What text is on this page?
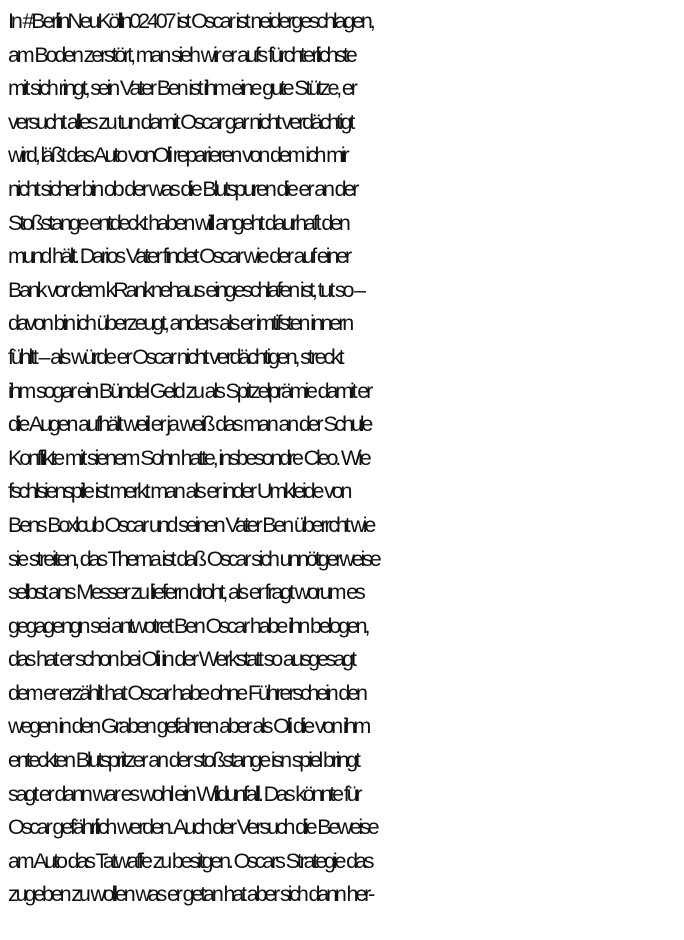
In #BerlinNeuKölln02407 ist Oscar ist neidergeschlagen,
am Boden zerstört, man sieh wir er aufs fürchterlichste
mit sich ringt, sein Vater Ben ist ihm eine gute Stütze, er
versucht alles zu tun damit Oscar gar nicht verdächtigt
wird, läßt das Auto vonOli reparieren von dem ich mir
nicht sicher bin ob der was die Blutspuren die er an der
Stoßstange entdeckt haben will angeht daurhaft den
mund hält. Darios Vater findet Oscar wie der auf einer
Bank vor dem kRanknehaus eingeschlafen ist, tut so –
davon bin ich überzeugt, anders als er imtifsten innern
fühltt – als würde er Oscar nicht verdächtigen, streckt
ihm sogar ein Bündel Geld zu als Spitzelprämie damit er
die Augen aufhält weil er ja weiß das man an der Schule
Konflikte mit sienem Sohn hatte, insbesondre Cleo. Wie
fschlsienspile ist merkt man als er inder Umkleide von
Bens Boxlcub Oscar und seinen Vater Ben überrcht wie
sie streiten, das Thema ist daß Oscar sich unnötgerweise
selbst ans Messer zu liefern droht, als er fragt worum es
gegagengn sei antwotret Ben Oscar habe ihn belogen,
das hat er schon bei Oli in der Werkstatt so ausgesagt
dem er erzählt hat Oscar habe ohne Führerschein den
wegen in den Graben gefahren aber als Oli die von ihm
enteckten Blutspritzer an der stoßstange isn spiel bringt
sagt er dann war es wohl ein Wildunfall. Das könnte für
Oscar gefährlich werden. Auch der Versuch die Beweise
am Auto das Tatwaffe zu besitgen. Oscars Strategie das
zugeben zu wollen was er getan hat aber sich dann her-
